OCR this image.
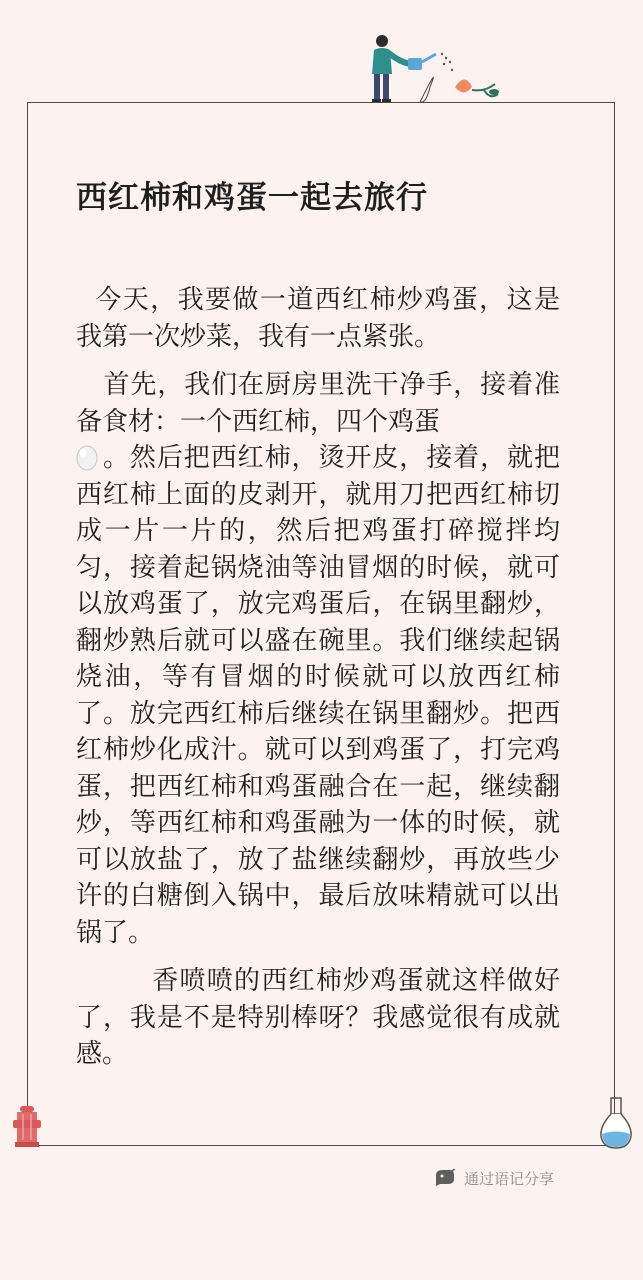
西红柿和鸡蛋一起去旅行

今天，我要做一道西红柿炒鸡蛋，这是我第一次炒菜，我有一点紧张。

首先，我们在厨房里洗干净手，接着准备食材：一个西红柿，四个鸡蛋
。然后把西红柿，烫开皮，接着，就把西红柿上面的皮剥开，就用刀把西红柿切成一片一片的，然后把鸡蛋打碎搅拌均匀，接着起锅烧油等油冒烟的时候，就可以放鸡蛋了，放完鸡蛋后，在锅里翻炒，翻炒熟后就可以盛在碗里。我们继续起锅烧油，等有冒烟的时候就可以放西红柿了。放完西红柿后继续在锅里翻炒。把西红柿炒化成汁。就可以到鸡蛋了，打完鸡蛋，把西红柿和鸡蛋融合在一起，继续翻炒，等西红柿和鸡蛋融为一体的时候，就可以放盐了，放了盐继续翻炒，再放些少许的白糖倒入锅中，最后放味精就可以出锅了。

香喷喷的西红柿炒鸡蛋就这样做好了，我是不是特别棒呀？我感觉很有成就感。

通过语记分享
